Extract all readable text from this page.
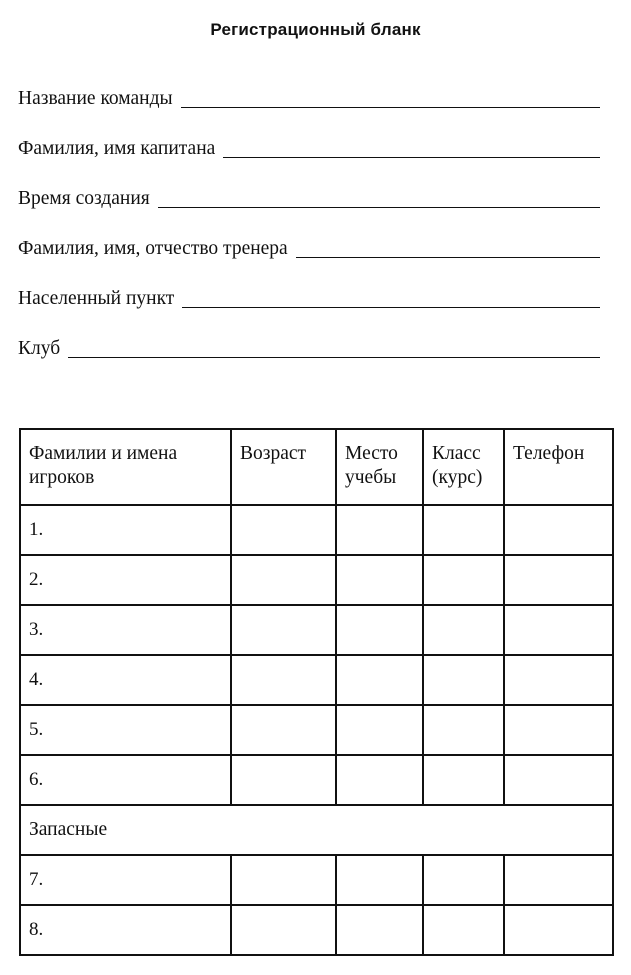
Регистрационный бланк
Название команды
Фамилия, имя капитана
Время создания
Фамилия, имя, отчество тренера
Населенный пункт
Клуб
Фамилии и имена игроков	Возраст	Место учебы	Класс (курс)	Телефон
1.				
2.				
3.				
4.				
5.				
6.				
Запасные				
7.				
8.				
